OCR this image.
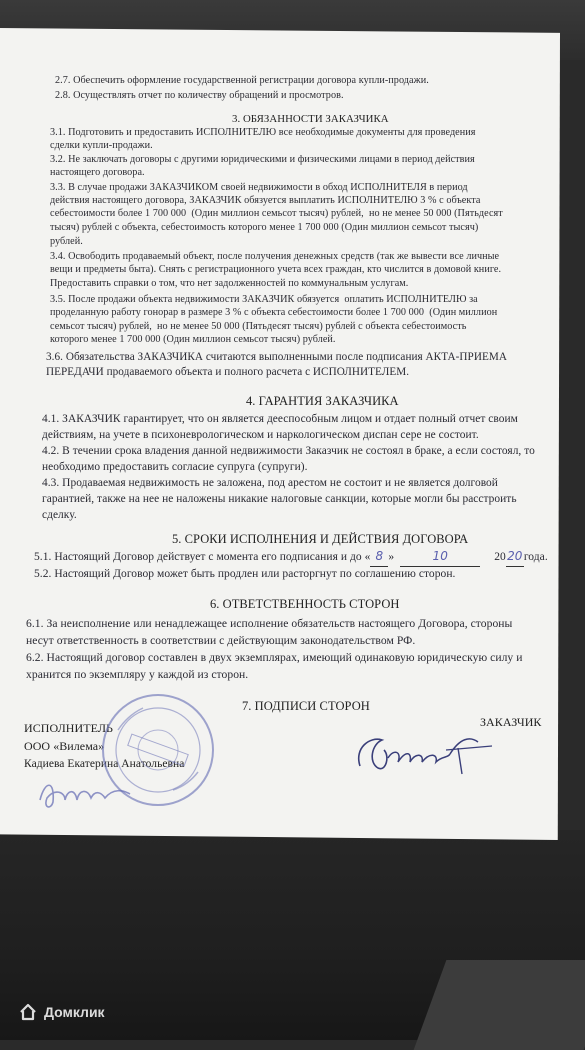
2.7. Обеспечить оформление государственной регистрации договора купли-продажи.
2.8. Осуществлять отчет по количеству обращений и просмотров.
3. ОБЯЗАННОСТИ ЗАКАЗЧИКА
3.1. Подготовить и предоставить ИСПОЛНИТЕЛЮ все необходимые документы для проведения
сделки купли-продажи.
3.2. Не заключать договоры с другими юридическими и физическими лицами в период действия
настоящего договора.
3.3. В случае продажи ЗАКАЗЧИКОМ своей недвижимости в обход ИСПОЛНИТЕЛЯ в период
действия настоящего договора, ЗАКАЗЧИК обязуется выплатить ИСПОЛНИТЕЛЮ 3 % с объекта
себестоимости более 1 700 000  (Один миллион семьсот тысяч) рублей,  но не менее 50 000 (Пятьдесят
тысяч) рублей с объекта, себестоимость которого менее 1 700 000 (Один миллион семьсот тысяч)
рублей.
3.4. Освободить продаваемый объект, после получения денежных средств (так же вывести все личные
вещи и предметы быта). Снять с регистрационного учета всех граждан, кто числится в домовой книге.
Предоставить справки о том, что нет задолженностей по коммунальным услугам.
3.5. После продажи объекта недвижимости ЗАКАЗЧИК обязуется  оплатить ИСПОЛНИТЕЛЮ за
проделанную работу гонорар в размере 3 % с объекта себестоимости более 1 700 000  (Один миллион
семьсот тысяч) рублей,  но не менее 50 000 (Пятьдесят тысяч) рублей с объекта себестоимость
которого менее 1 700 000 (Один миллион семьсот тысяч) рублей.
3.6. Обязательства ЗАКАЗЧИКА считаются выполненными после подписания АКТА-ПРИЕМА
ПЕРЕДАЧИ продаваемого объекта и полного расчета с ИСПОЛНИТЕЛЕМ.
4. ГАРАНТИЯ ЗАКАЗЧИКА
4.1. ЗАКАЗЧИК гарантирует, что он является дееспособным лицом и отдает полный отчет своим
действиям, на учете в психоневрологическом и наркологическом диспан сере не состоит.
4.2. В течении срока владения данной недвижимости Заказчик не состоял в браке, а если состоял, то
необходимо предоставить согласие супруга (супруги).
4.3. Продаваемая недвижимость не заложена, под арестом не состоит и не является долговой
гарантией, также на нее не наложены никакие налоговые санкции, которые могли бы расстроить
сделку.
5. СРОКИ ИСПОЛНЕНИЯ И ДЕЙСТВИЯ ДОГОВОРА
5.1. Настоящий Договор действует с момента его подписания и до « 8 »	10	2020года.
5.2. Настоящий Договор может быть продлен или расторгнут по соглашению сторон.
6. ОТВЕТСТВЕННОСТЬ СТОРОН
6.1. За неисполнение или ненадлежащее исполнение обязательств настоящего Договора, стороны
несут ответственность в соответствии с действующим законодательством РФ.
6.2. Настоящий договор составлен в двух экземплярах, имеющий одинаковую юридическую силу и
хранится по экземпляру у каждой из сторон.
7. ПОДПИСИ СТОРОН
ИСПОЛНИТЕЛЬ
ООО «Вилема»
Кадиева Екатерина Анатольевна
ЗАКАЗЧИК
Домклик
